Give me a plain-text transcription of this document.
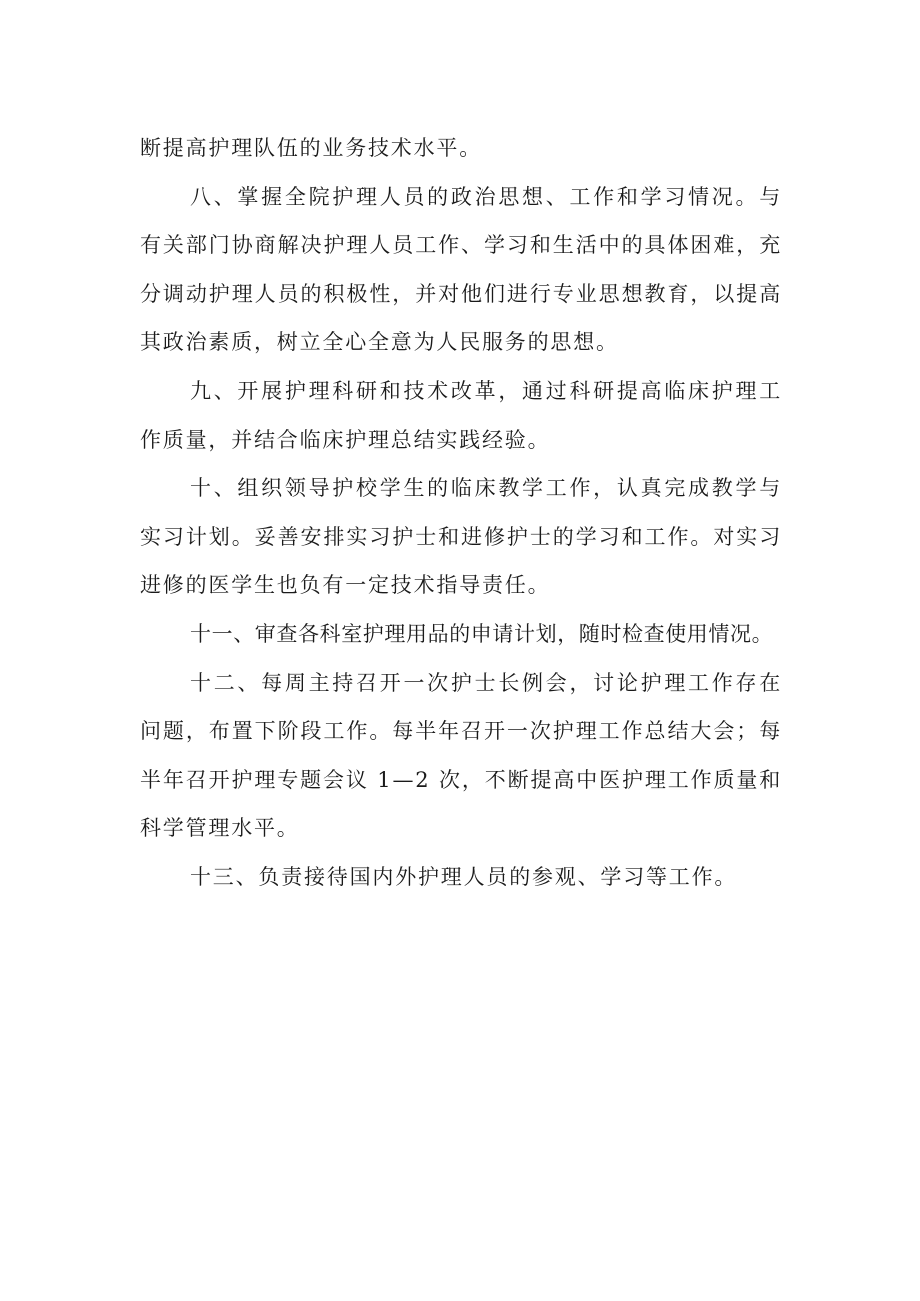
断提高护理队伍的业务技术水平。

八、掌握全院护理人员的政治思想、工作和学习情况。与有关部门协商解决护理人员工作、学习和生活中的具体困难，充分调动护理人员的积极性，并对他们进行专业思想教育，以提高其政治素质，树立全心全意为人民服务的思想。

九、开展护理科研和技术改革，通过科研提高临床护理工作质量，并结合临床护理总结实践经验。

十、组织领导护校学生的临床教学工作，认真完成教学与实习计划。妥善安排实习护士和进修护士的学习和工作。对实习进修的医学生也负有一定技术指导责任。

十一、审查各科室护理用品的申请计划，随时检查使用情况。

十二、每周主持召开一次护士长例会，讨论护理工作存在问题，布置下阶段工作。每半年召开一次护理工作总结大会；每半年召开护理专题会议 1—2 次，不断提高中医护理工作质量和科学管理水平。

十三、负责接待国内外护理人员的参观、学习等工作。
